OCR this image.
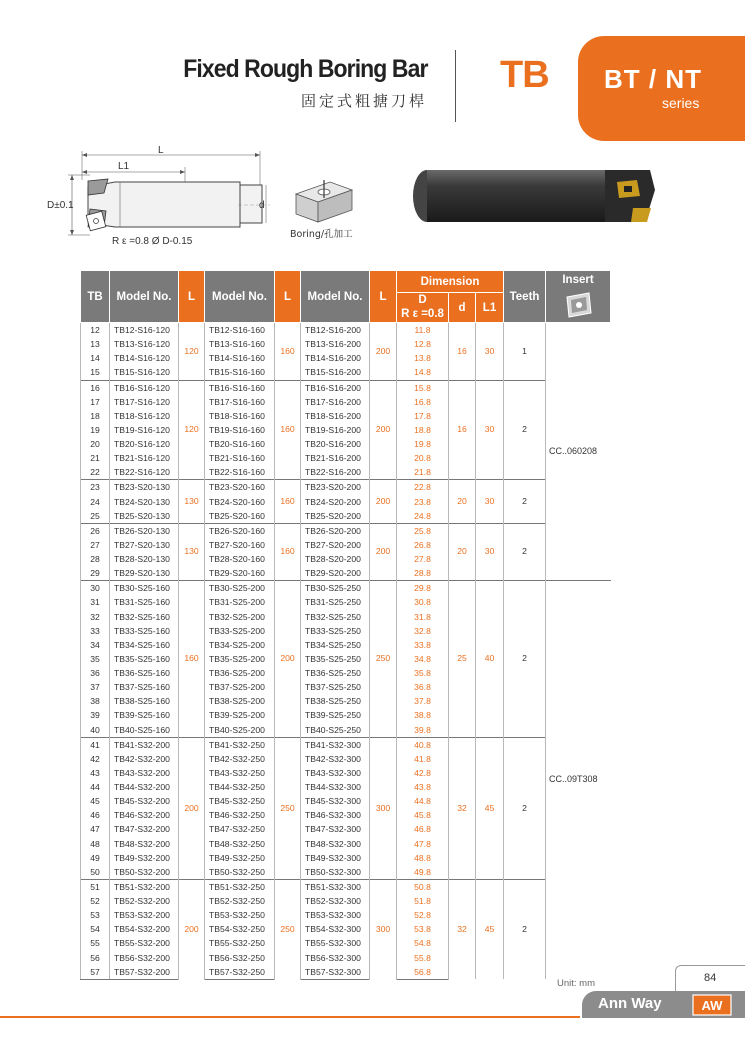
Fixed Rough Boring Bar
固定式粗搪刀桿
TB BT / NT
series
L
L1
D±0.1	d
R ε =0.8 Ø D-0.15
Boring/孔加工
TB	Model No.	L	Model No.	L	Model No.	L	Dimension			Teeth	Insert

							D
R ε =0.8	d	L1		
12	TB12-S16-120	120	TB12-S16-160	160	TB12-S16-200	200	11.8	16	30	1	CC..060208
13	TB13-S16-120		TB13-S16-160		TB13-S16-200		12.8				
14	TB14-S16-120		TB14-S16-160		TB14-S16-200		13.8				
15	TB15-S16-120		TB15-S16-160		TB15-S16-200		14.8				
16	TB16-S16-120	120	TB16-S16-160	160	TB16-S16-200	200	15.8	16	30	2	
17	TB17-S16-120		TB17-S16-160		TB17-S16-200		16.8				
18	TB18-S16-120		TB18-S16-160		TB18-S16-200		17.8				
19	TB19-S16-120		TB19-S16-160		TB19-S16-200		18.8				
20	TB20-S16-120		TB20-S16-160		TB20-S16-200		19.8				
21	TB21-S16-120		TB21-S16-160		TB21-S16-200		20.8				
22	TB22-S16-120		TB22-S16-160		TB22-S16-200		21.8				
23	TB23-S20-130	130	TB23-S20-160	160	TB23-S20-200	200	22.8	20	30	2	
24	TB24-S20-130		TB24-S20-160		TB24-S20-200		23.8				
25	TB25-S20-130		TB25-S20-160		TB25-S20-200		24.8				
26	TB26-S20-130	130	TB26-S20-160	160	TB26-S20-200	200	25.8	20	30	2	
27	TB27-S20-130		TB27-S20-160		TB27-S20-200		26.8				
28	TB28-S20-130		TB28-S20-160		TB28-S20-200		27.8				
29	TB29-S20-130		TB29-S20-160		TB29-S20-200		28.8				
30	TB30-S25-160	160	TB30-S25-200	200	TB30-S25-250	250	29.8	25	40	2	CC..09T308
31	TB31-S25-160		TB31-S25-200		TB31-S25-250		30.8				
32	TB32-S25-160		TB32-S25-200		TB32-S25-250		31.8				
33	TB33-S25-160		TB33-S25-200		TB33-S25-250		32.8				
34	TB34-S25-160		TB34-S25-200		TB34-S25-250		33.8				
35	TB35-S25-160		TB35-S25-200		TB35-S25-250		34.8				
36	TB36-S25-160		TB36-S25-200		TB36-S25-250		35.8				
37	TB37-S25-160		TB37-S25-200		TB37-S25-250		36.8				
38	TB38-S25-160		TB38-S25-200		TB38-S25-250		37.8				
39	TB39-S25-160		TB39-S25-200		TB39-S25-250		38.8				
40	TB40-S25-160		TB40-S25-200		TB40-S25-250		39.8				
41	TB41-S32-200	200	TB41-S32-250	250	TB41-S32-300	300	40.8	32	45	2	
42	TB42-S32-200		TB42-S32-250		TB42-S32-300		41.8				
43	TB43-S32-200		TB43-S32-250		TB43-S32-300		42.8				
44	TB44-S32-200		TB44-S32-250		TB44-S32-300		43.8				
45	TB45-S32-200		TB45-S32-250		TB45-S32-300		44.8				
46	TB46-S32-200		TB46-S32-250		TB46-S32-300		45.8				
47	TB47-S32-200		TB47-S32-250		TB47-S32-300		46.8				
48	TB48-S32-200		TB48-S32-250		TB48-S32-300		47.8				
49	TB49-S32-200		TB49-S32-250		TB49-S32-300		48.8				
50	TB50-S32-200		TB50-S32-250		TB50-S32-300		49.8				
51	TB51-S32-200	200	TB51-S32-250	250	TB51-S32-300	300	50.8	32	45	2	
52	TB52-S32-200		TB52-S32-250		TB52-S32-300		51.8				
53	TB53-S32-200		TB53-S32-250		TB53-S32-300		52.8				
54	TB54-S32-200		TB54-S32-250		TB54-S32-300		53.8				
55	TB55-S32-200		TB55-S32-250		TB55-S32-300		54.8				
56	TB56-S32-200		TB56-S32-250		TB56-S32-300		55.8				
57	TB57-S32-200		TB57-S32-250		TB57-S32-300		56.8				
Unit: mm	84
Ann Way	AW
